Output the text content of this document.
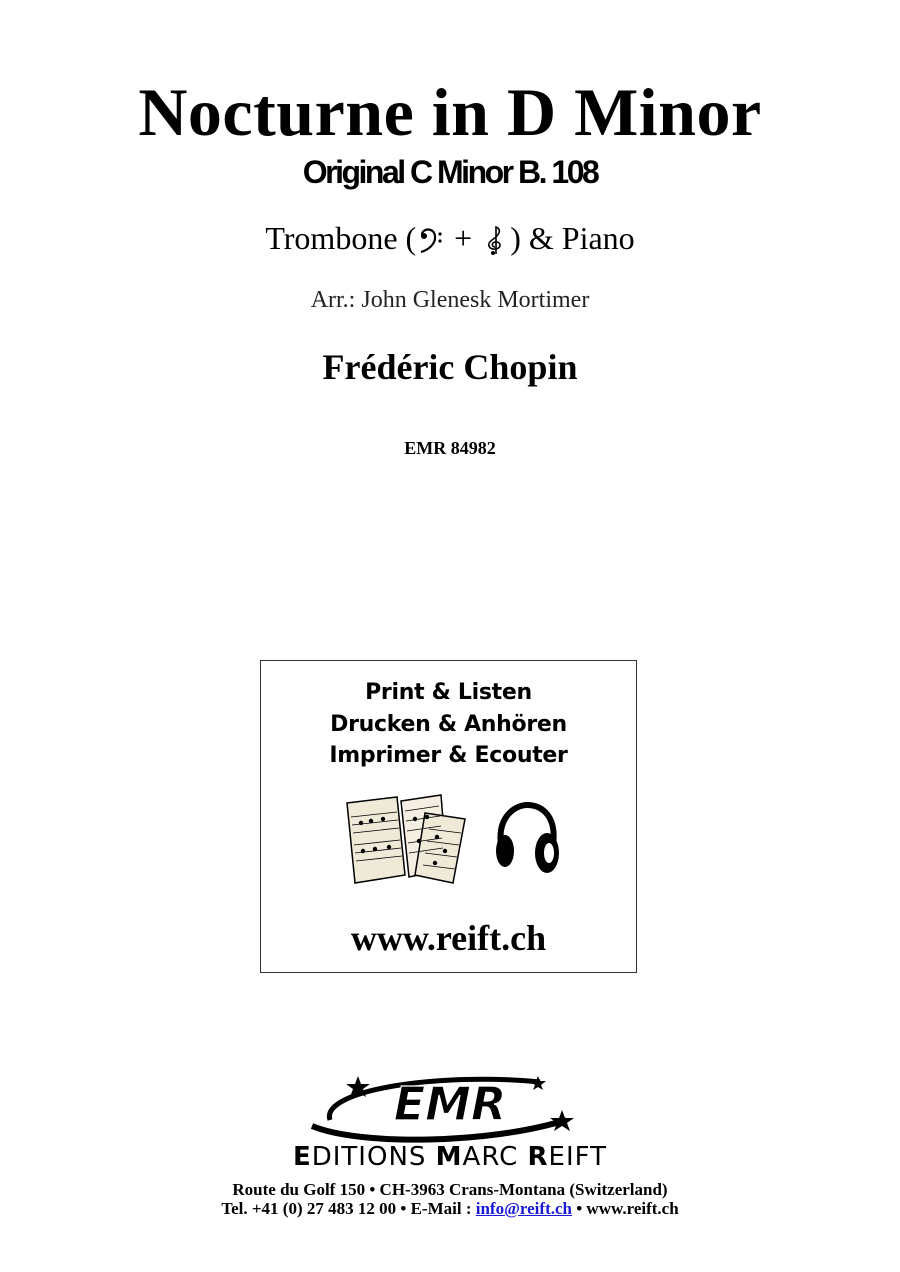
Nocturne in D Minor
Original C Minor B. 108
Trombone ( + ) & Piano
Arr.: John Glenesk Mortimer
Frédéric Chopin
EMR 84982
Print & Listen
Drucken & Anhören
Imprimer & Ecouter
www.reift.ch
EMR
EDITIONS MARC REIFT
Route du Golf 150 • CH-3963 Crans-Montana (Switzerland)
Tel. +41 (0) 27 483 12 00 • E-Mail : info@reift.ch • www.reift.ch
